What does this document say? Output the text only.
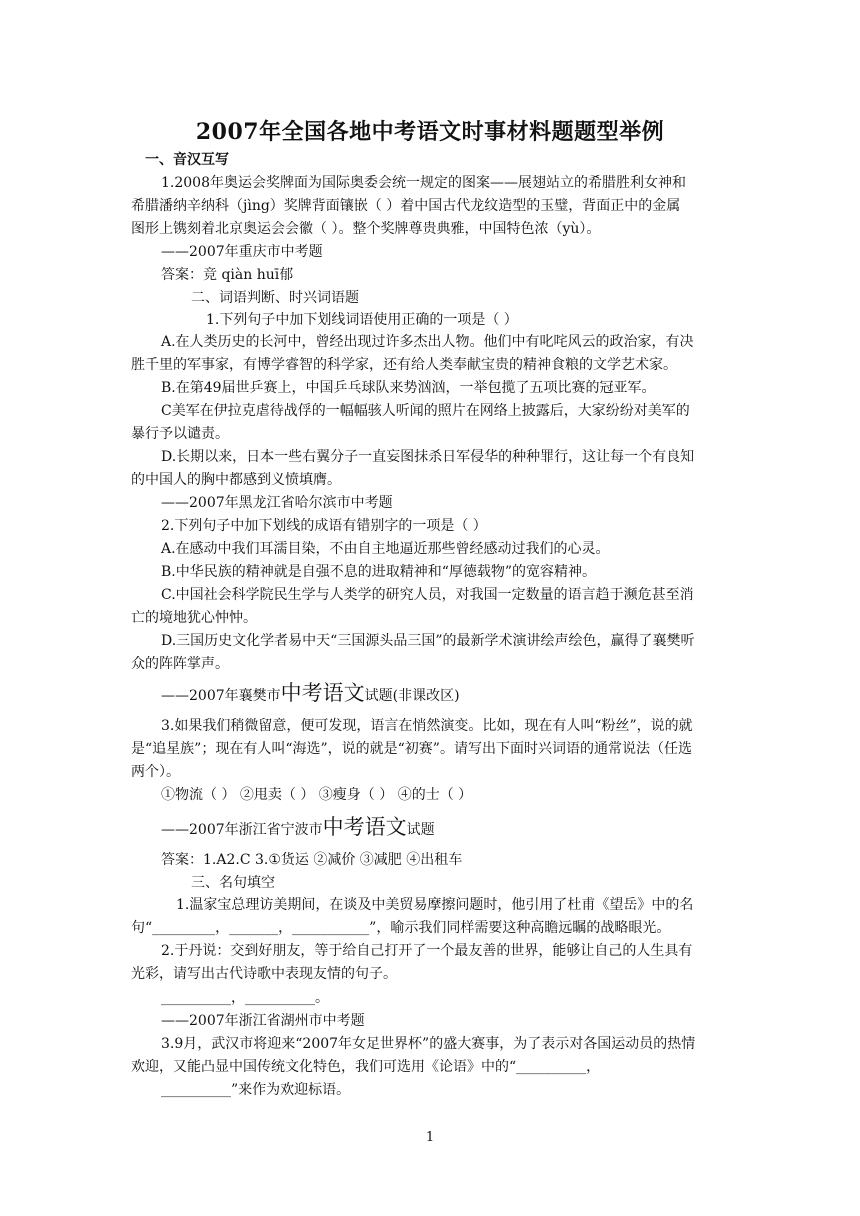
2007年全国各地中考语文时事材料题题型举例
一、音汉互写
1.2008年奥运会奖牌面为国际奥委会统一规定的图案——展翅站立的希腊胜利女神和
希腊潘纳辛纳科（jìng）奖牌背面镶嵌（ ）着中国古代龙纹造型的玉璧，背面正中的金属
图形上镌刻着北京奥运会会徽（ ）。整个奖牌尊贵典雅，中国特色浓（yù）。
——2007年重庆市中考题
答案：竞 qiàn huī郁
二、词语判断、时兴词语题
1.下列句子中加下划线词语使用正确的一项是（ ）
A.在人类历史的长河中，曾经出现过许多杰出人物。他们中有叱咤风云的政治家，有决
胜千里的军事家，有博学睿智的科学家，还有给人类奉献宝贵的精神食粮的文学艺术家。
B.在第49届世乒赛上，中国乒乓球队来势汹汹，一举包揽了五项比赛的冠亚军。
C美军在伊拉克虐待战俘的一幅幅骇人听闻的照片在网络上披露后，大家纷纷对美军的
暴行予以谴责。
D.长期以来，日本一些右翼分子一直妄图抹杀日军侵华的种种罪行，这让每一个有良知
的中国人的胸中都感到义愤填膺。
——2007年黑龙江省哈尔滨市中考题
2.下列句子中加下划线的成语有错别字的一项是（ ）
A.在感动中我们耳濡目染，不由自主地逼近那些曾经感动过我们的心灵。
B.中华民族的精神就是自强不息的进取精神和“厚德载物”的宽容精神。
C.中国社会科学院民生学与人类学的研究人员，对我国一定数量的语言趋于濒危甚至消
亡的境地犹心忡忡。
D.三国历史文化学者易中天“三国源头品三国”的最新学术演讲绘声绘色，赢得了襄樊听
众的阵阵掌声。
——2007年襄樊市中考语文试题(非课改区)
3.如果我们稍微留意，便可发现，语言在悄然演变。比如，现在有人叫“粉丝”，说的就
是“追星族”；现在有人叫“海选”，说的就是“初赛”。请写出下面时兴词语的通常说法（任选
两个）。
①物流（ ） ②甩卖（ ） ③瘦身（ ） ④的士（ ）
——2007年浙江省宁波市中考语文试题
答案：1.A2.C 3.①货运 ②减价 ③减肥 ④出租车
三、名句填空
1.温家宝总理访美期间，在谈及中美贸易摩擦问题时，他引用了杜甫《望岳》中的名
句“_________，_______，___________”，喻示我们同样需要这种高瞻远瞩的战略眼光。
2.于丹说：交到好朋友，等于给自己打开了一个最友善的世界，能够让自己的人生具有
光彩，请写出古代诗歌中表现友情的句子。
__________，__________。
——2007年浙江省湖州市中考题
3.9月，武汉市将迎来“2007年女足世界杯”的盛大赛事，为了表示对各国运动员的热情
欢迎，又能凸显中国传统文化特色，我们可选用《论语》中的“__________，
__________”来作为欢迎标语。
1
